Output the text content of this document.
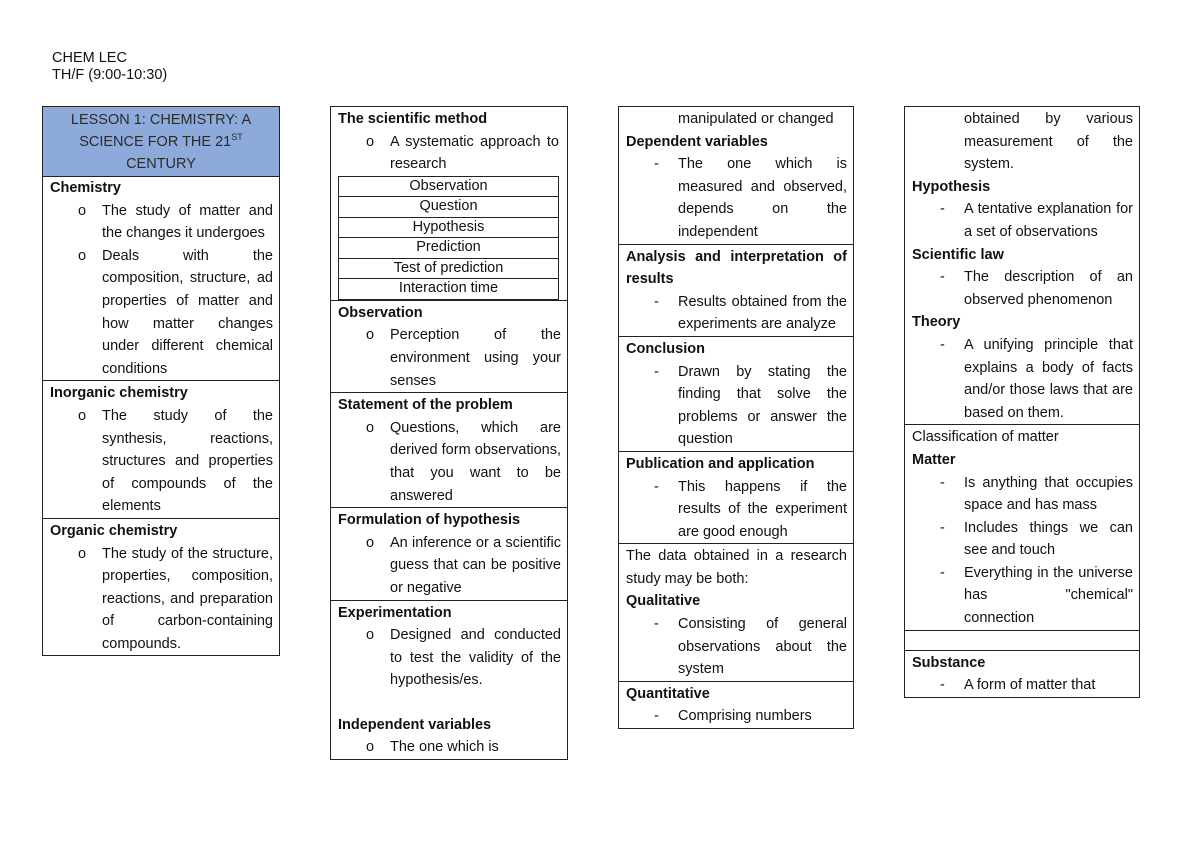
CHEM LEC
TH/F (9:00-10:30)
LESSON 1: CHEMISTRY: A SCIENCE FOR THE 21ST
CENTURY
Chemistry
o The study of matter and the changes it undergoes
o Deals with the composition, structure, ad properties of matter and how matter changes under different chemical conditions
Inorganic chemistry
o The study of the synthesis, reactions, structures and properties of compounds of the elements
Organic chemistry
o The study of the structure, properties, composition, reactions, and preparation of carbon-containing compounds.
The scientific method
o A systematic approach to research
Observation
Question
Hypothesis
Prediction
Test of prediction
Interaction time
Observation
o Perception of the environment using your senses
Statement of the problem
o Questions, which are derived form observations, that you want to be answered
Formulation of hypothesis
o An inference or a scientific guess that can be positive or negative
Experimentation
o Designed and conducted to test the validity of the hypothesis/es.
Independent variables
o The one which is
manipulated or changed
Dependent variables
- The one which is measured and observed, depends on the independent
Analysis and interpretation of results
- Results obtained from the experiments are analyze
Conclusion
- Drawn by stating the finding that solve the problems or answer the question
Publication and application
- This happens if the results of the experiment are good enough
The data obtained in a research study may be both:
Qualitative
- Consisting of general observations about the system
Quantitative
- Comprising numbers
obtained by various measurement of the system.
Hypothesis
- A tentative explanation for a set of observations
Scientific law
- The description of an observed phenomenon
Theory
- A unifying principle that explains a body of facts and/or those laws that are based on them.
Classification of matter
Matter
- Is anything that occupies space and has mass
- Includes things we can see and touch
- Everything in the universe has "chemical" connection
Substance
- A form of matter that
